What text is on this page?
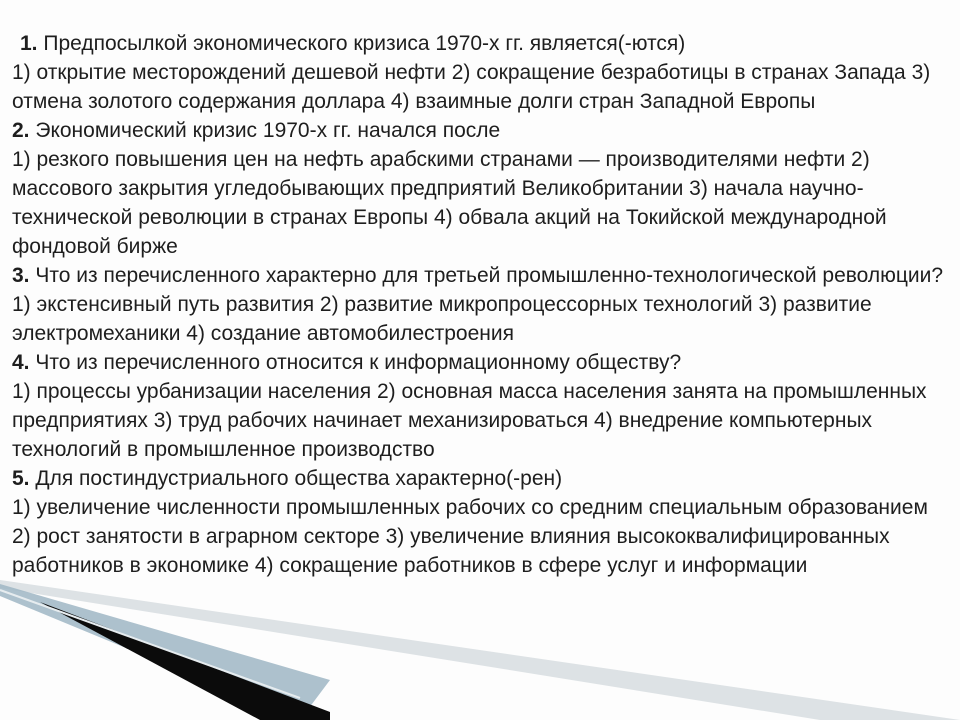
1. Предпосылкой экономического кризиса 1970-х гг. является(-ются)

1) открытие месторождений дешевой нефти 2) сокращение безработицы в странах Запада 3) отмена золотого содержания доллара 4) взаимные долги стран Западной Европы

2. Экономический кризис 1970-х гг. начался после

1) резкого повышения цен на нефть арабскими странами — производителями нефти 2) массового закрытия угледобывающих предприятий Великобритании 3) начала научно-технической революции в странах Европы 4) обвала акций на Токийской международной фондовой бирже

3. Что из перечисленного характерно для третьей промышленно-технологической революции?

1) экстенсивный путь развития 2) развитие микропроцессорных технологий 3) развитие электромеханики 4) создание автомобилестроения

4. Что из перечисленного относится к информационному обществу?

1) процессы урбанизации населения 2) основная масса населения занята на промышленных предприятиях 3) труд рабочих начинает механизироваться 4) внедрение компьютерных технологий в промышленное производство

5. Для постиндустриального общества характерно(-рен)

1) увеличение численности промышленных рабочих со средним специальным образованием 2) рост занятости в аграрном секторе 3) увеличение влияния высококвалифицированных работников в экономике 4) сокращение работников в сфере услуг и информации
